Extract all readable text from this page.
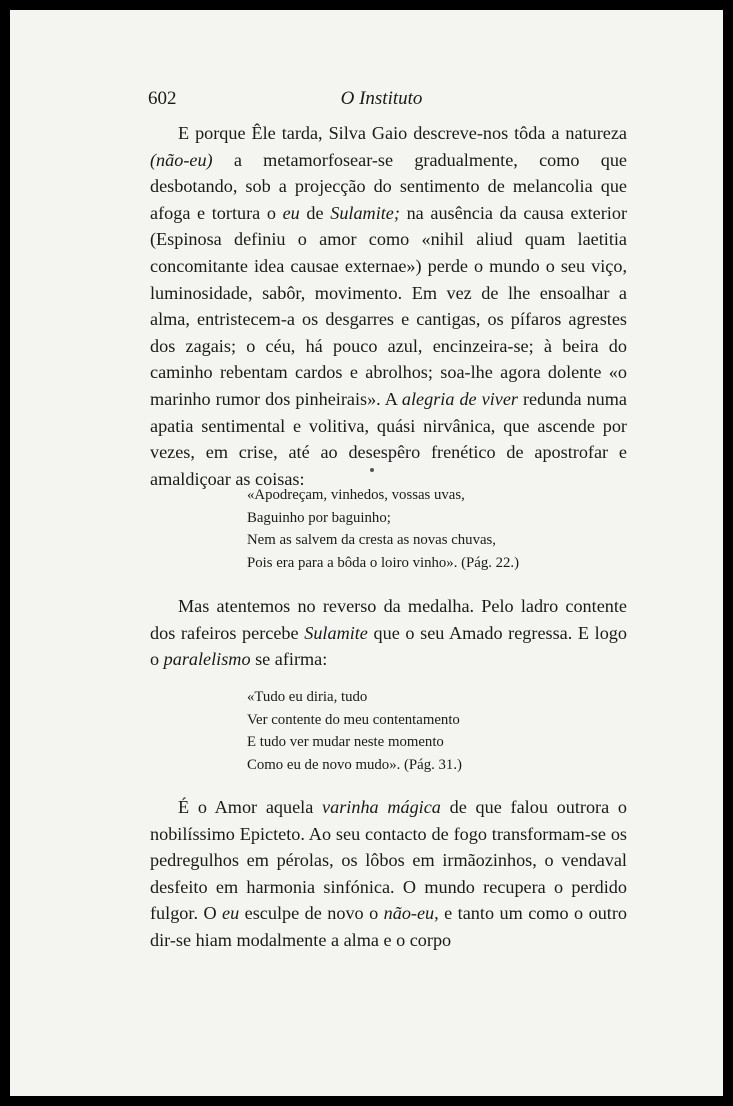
602	O Instituto

E porque Êle tarda, Silva Gaio descreve-nos tôda a natureza (não-eu) a metamorfosear-se gradualmente, como que desbotando, sob a projecção do sentimento de melancolia que afoga e tortura o eu de Sulamite; na ausência da causa exterior (Espinosa definiu o amor como «nihil aliud quam laetitia concomitante idea causae externae») perde o mundo o seu viço, luminosidade, sabôr, movimento. Em vez de lhe ensoalhar a alma, entristecem-a os desgarres e cantigas, os pífaros agrestes dos zagais; o céu, há pouco azul, encinzeira-se; à beira do caminho rebentam cardos e abrolhos; soa-lhe agora dolente «o marinho rumor dos pinheirais». A alegria de viver redunda numa apatia sentimental e volitiva, quási nirvânica, que ascende por vezes, em crise, até ao desespêro frenético de apostrofar e amaldiçoar as coisas:

«Apodreçam, vinhedos, vossas uvas,
Baguinho por baguinho;
Nem as salvem da cresta as novas chuvas,
Pois era para a bôda o loiro vinho». (Pág. 22.)

Mas atentemos no reverso da medalha. Pelo ladro contente dos rafeiros percebe Sulamite que o seu Amado regressa. E logo o paralelismo se afirma:

«Tudo eu diria, tudo
Ver contente do meu contentamento
E tudo ver mudar neste momento
Como eu de novo mudo». (Pág. 31.)

É o Amor aquela varinha mágica de que falou outrora o nobilíssimo Epicteto. Ao seu contacto de fogo transformam-se os pedregulhos em pérolas, os lôbos em irmãozinhos, o vendaval desfeito em harmonia sinfónica. O mundo recupera o perdido fulgor. O eu esculpe de novo o não-eu, e tanto um como o outro dir-se hiam modalmente a alma e o corpo
